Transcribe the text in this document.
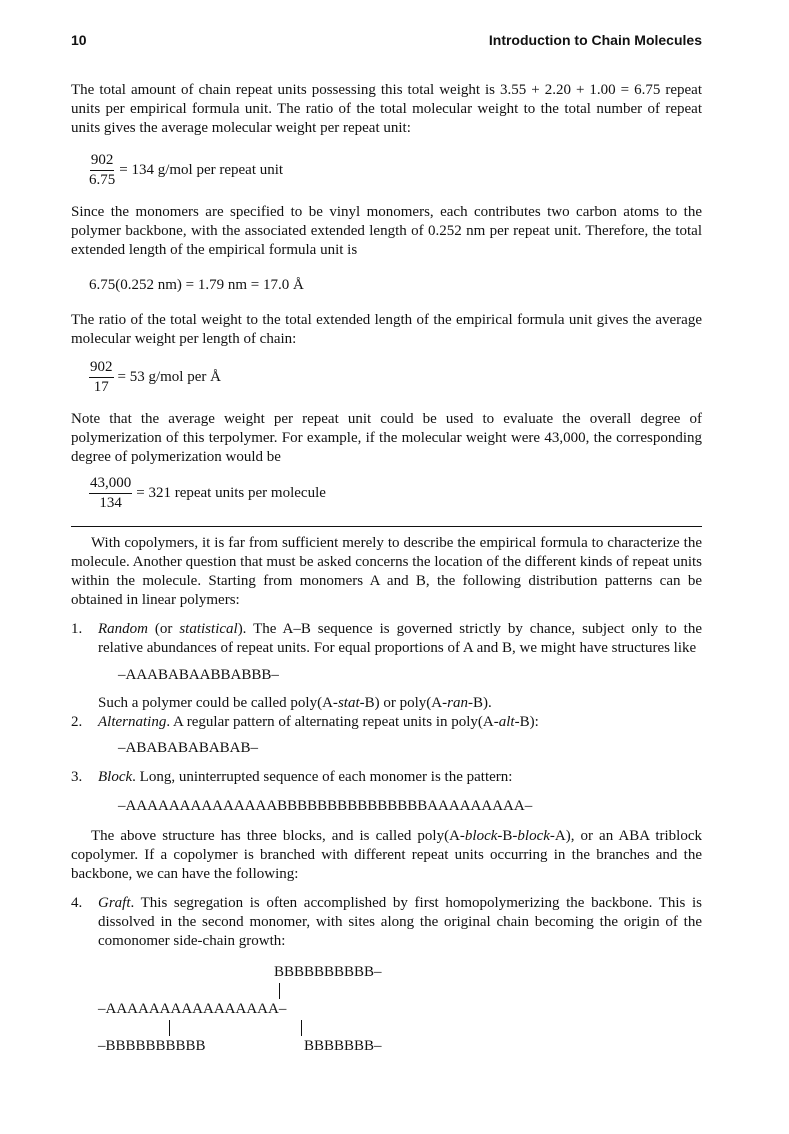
10	Introduction to Chain Molecules

The total amount of chain repeat units possessing this total weight is 3.55 + 2.20 + 1.00 = 6.75 repeat units per empirical formula unit. The ratio of the total molecular weight to the total number of repeat units gives the average molecular weight per repeat unit:

$\frac{902}{6.75} = 134$ g/mol per repeat unit

Since the monomers are specified to be vinyl monomers, each contributes two carbon atoms to the polymer backbone, with the associated extended length of 0.252 nm per repeat unit. Therefore, the total extended length of the empirical formula unit is

6.75(0.252 nm) = 1.79 nm = 17.0 Å

The ratio of the total weight to the total extended length of the empirical formula unit gives the average molecular weight per length of chain:

$\frac{902}{17} = 53$ g/mol per Å

Note that the average weight per repeat unit could be used to evaluate the overall degree of polymerization of this terpolymer. For example, if the molecular weight were 43,000, the corresponding degree of polymerization would be

$\frac{43,000}{134} = 321$ repeat units per molecule

With copolymers, it is far from sufficient merely to describe the empirical formula to characterize the molecule. Another question that must be asked concerns the location of the different kinds of repeat units within the molecule. Starting from monomers A and B, the following distribution patterns can be obtained in linear polymers:

1.	Random (or statistical). The A–B sequence is governed strictly by chance, subject only to the relative abundances of repeat units. For equal proportions of A and B, we might have structures like
–AAABABAABBABBB–
Such a polymer could be called poly(A-stat-B) or poly(A-ran-B).
2.	Alternating. A regular pattern of alternating repeat units in poly(A-alt-B):
–ABABABABABAB–
3.	Block. Long, uninterrupted sequence of each monomer is the pattern:
–AAAAAAAAAAAAAABBBBBBBBBBBBBBBAAAAAAAAA–

The above structure has three blocks, and is called poly(A-block-B-block-A), or an ABA triblock copolymer. If a copolymer is branched with different repeat units occurring in the branches and the backbone, we can have the following:

4.	Graft. This segregation is often accomplished by first homopolymerizing the backbone. This is dissolved in the second monomer, with sites along the original chain becoming the origin of the comonomer side-chain growth:
BBBBBBBBBB–
–AAAAAAAAAAAAAAAA–
–BBBBBBBBBB	BBBBBBB–
